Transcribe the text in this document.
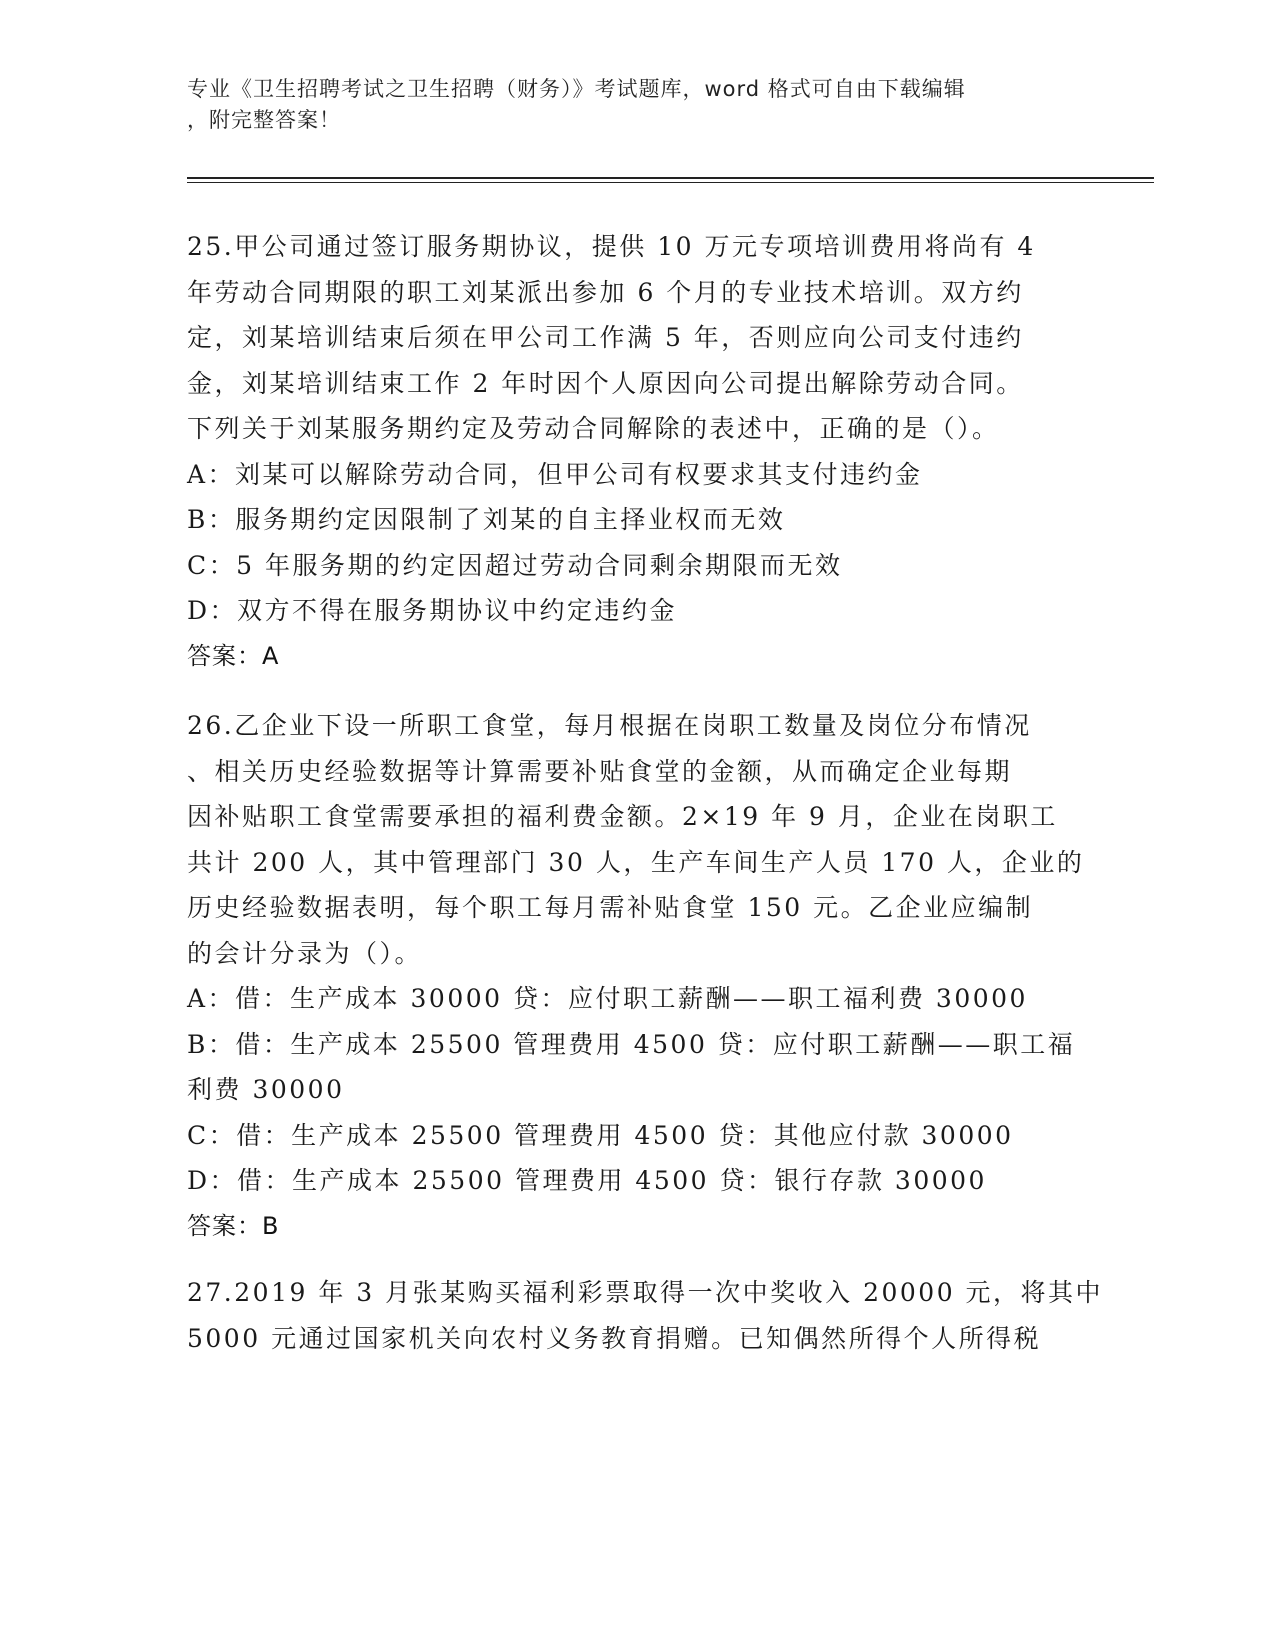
专业《卫生招聘考试之卫生招聘（财务）》考试题库，word 格式可自由下载编辑
，附完整答案！
25.甲公司通过签订服务期协议，提供 10 万元专项培训费用将尚有 4
年劳动合同期限的职工刘某派出参加 6 个月的专业技术培训。双方约
定，刘某培训结束后须在甲公司工作满 5 年，否则应向公司支付违约
金，刘某培训结束工作 2 年时因个人原因向公司提出解除劳动合同。
下列关于刘某服务期约定及劳动合同解除的表述中，正确的是（）。
A：刘某可以解除劳动合同，但甲公司有权要求其支付违约金
B：服务期约定因限制了刘某的自主择业权而无效
C：5 年服务期的约定因超过劳动合同剩余期限而无效
D：双方不得在服务期协议中约定违约金
答案：A
26.乙企业下设一所职工食堂，每月根据在岗职工数量及岗位分布情况
、相关历史经验数据等计算需要补贴食堂的金额，从而确定企业每期
因补贴职工食堂需要承担的福利费金额。2×19 年 9 月，企业在岗职工
共计 200 人，其中管理部门 30 人，生产车间生产人员 170 人，企业的
历史经验数据表明，每个职工每月需补贴食堂 150 元。乙企业应编制
的会计分录为（）。
A：借：生产成本 30000 贷：应付职工薪酬——职工福利费 30000
B：借：生产成本 25500 管理费用 4500 贷：应付职工薪酬——职工福
利费 30000
C：借：生产成本 25500 管理费用 4500 贷：其他应付款 30000
D：借：生产成本 25500 管理费用 4500 贷：银行存款 30000
答案：B
27.2019 年 3 月张某购买福利彩票取得一次中奖收入 20000 元，将其中
5000 元通过国家机关向农村义务教育捐赠。已知偶然所得个人所得税
